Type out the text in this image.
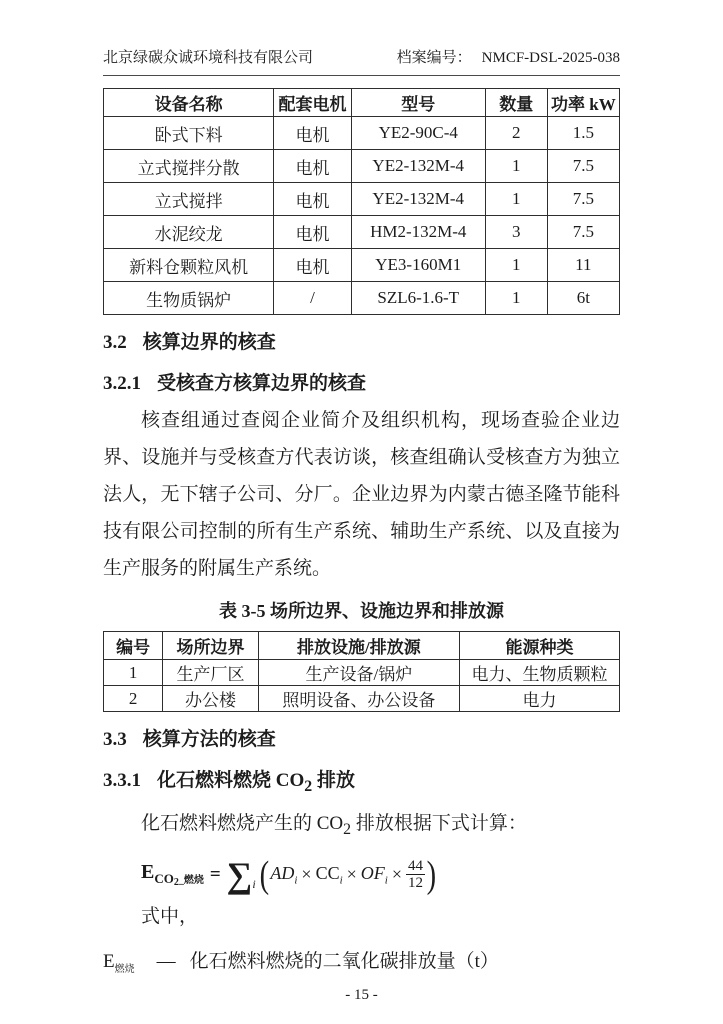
北京绿碳众诚环境科技有限公司	档案编号： NMCF-DSL-2025-038
设备名称	配套电机	型号	数量	功率 kW
卧式下料	电机	YE2-90C-4	2	1.5
立式搅拌分散	电机	YE2-132M-4	1	7.5
立式搅拌	电机	YE2-132M-4	1	7.5
水泥绞龙	电机	HM2-132M-4	3	7.5
新料仓颗粒风机	电机	YE3-160M1	1	11
生物质锅炉	/	SZL6-1.6-T	1	6t
3.2 核算边界的核查
3.2.1 受核查方核算边界的核查
核查组通过查阅企业简介及组织机构，现场查验企业边界、设施并与受核查方代表访谈，核查组确认受核查方为独立法人，无下辖子公司、分厂。企业边界为内蒙古德圣隆节能科技有限公司控制的所有生产系统、辅助生产系统、以及直接为生产服务的附属生产系统。
表 3-5 场所边界、设施边界和排放源
编号	场所边界	排放设施/排放源	能源种类
1	生产厂区	生产设备/锅炉	电力、生物质颗粒
2	办公楼	照明设备、办公设备	电力
3.3 核算方法的核查
3.3.1 化石燃料燃烧 $CO_2$ 排放
化石燃料燃烧产生的 $CO_2$ 排放根据下式计算：
$E_{CO2\_燃烧}$ = ∑ i ( $AD_i \times CC_i \times OF_i \times \frac{44}{12}$ )
式中，
$E_{燃烧}$ — 化石燃料燃烧的二氧化碳排放量（t）
- 15 -
